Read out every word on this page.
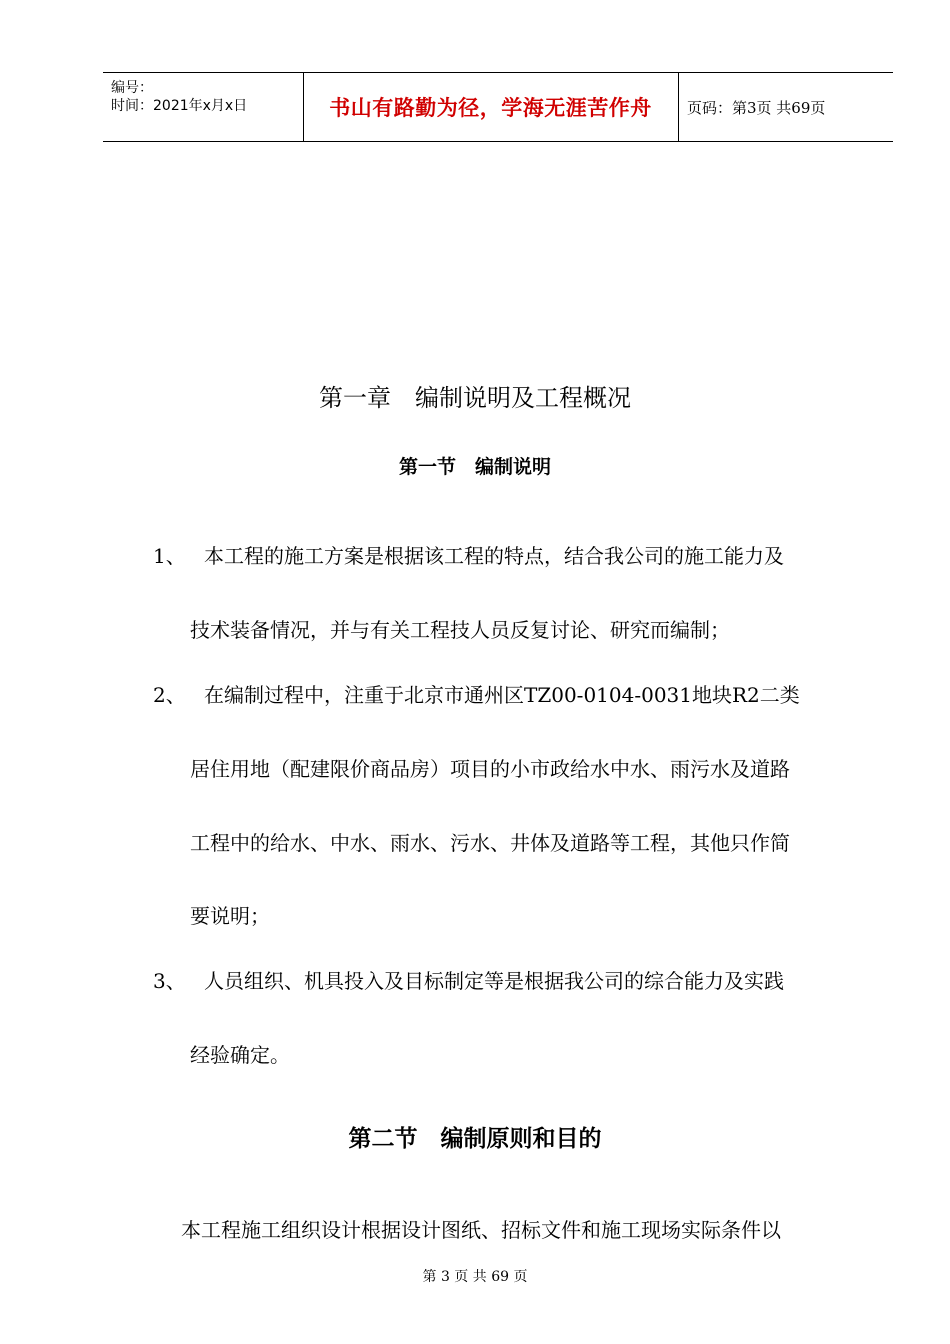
编号：
时间：2021年x月x日	书山有路勤为径，学海无涯苦作舟 页码：第3页 共69页
第一章　编制说明及工程概况
第一节　编制说明
1、 本工程的施工方案是根据该工程的特点，结合我公司的施工能力及
技术装备情况，并与有关工程技人员反复讨论、研究而编制；
2、 在编制过程中，注重于北京市通州区TZ00-0104-0031地块R2二类
居住用地（配建限价商品房）项目的小市政给水中水、雨污水及道路
工程中的给水、中水、雨水、污水、井体及道路等工程，其他只作简
要说明；
3、 人员组织、机具投入及目标制定等是根据我公司的综合能力及实践
经验确定。
第二节　编制原则和目的
本工程施工组织设计根据设计图纸、招标文件和施工现场实际条件以
第 3 页 共 69 页
